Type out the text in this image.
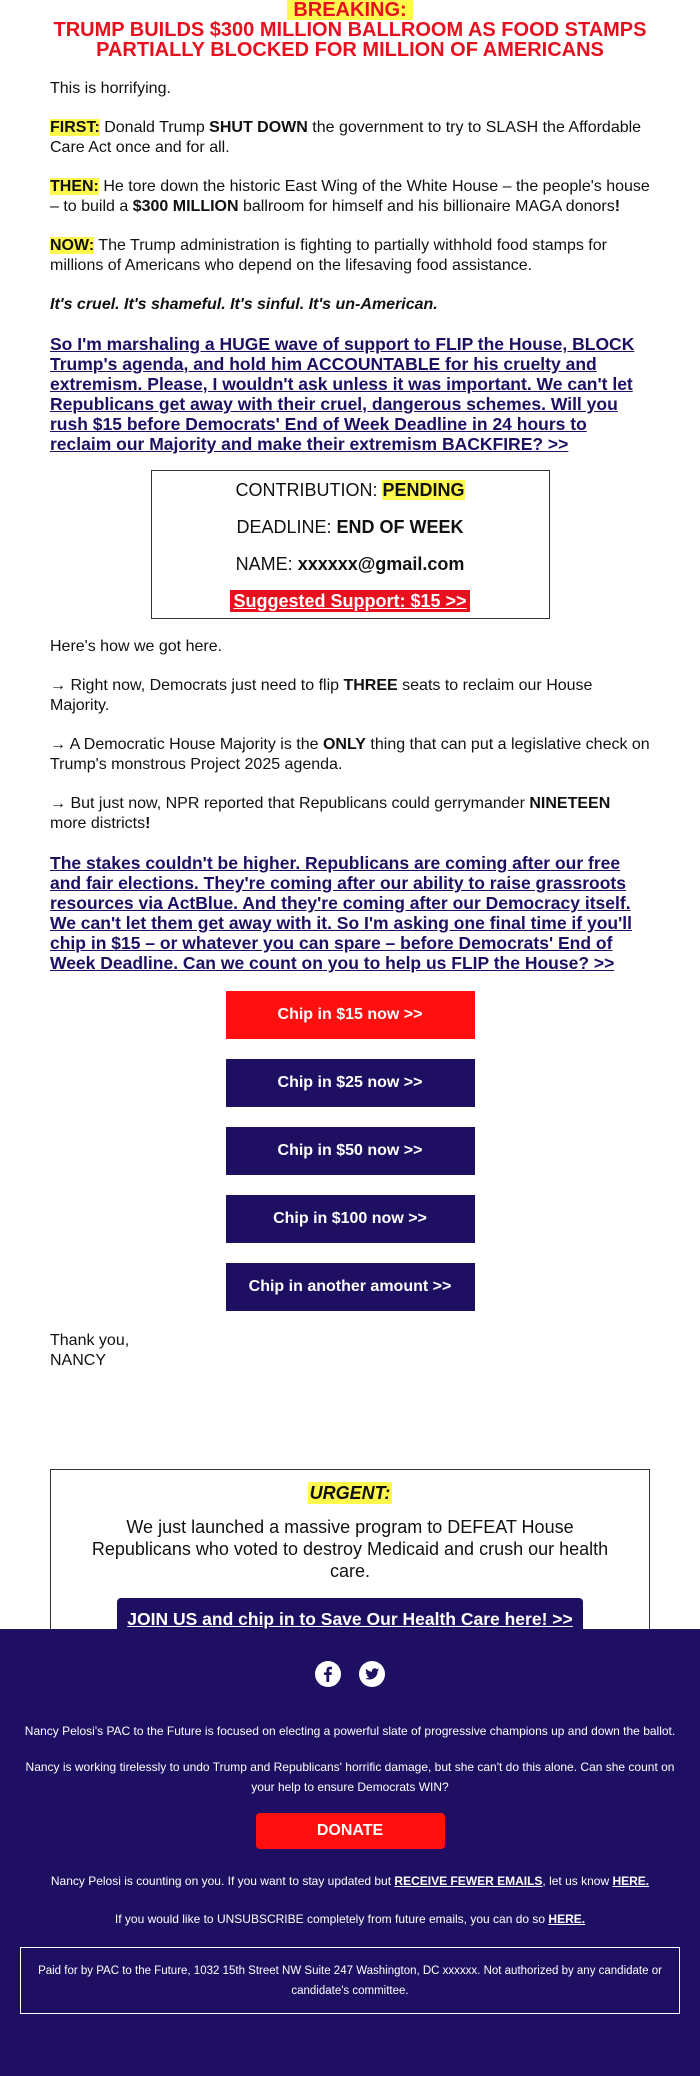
BREAKING:
TRUMP BUILDS $300 MILLION BALLROOM AS FOOD STAMPS
PARTIALLY BLOCKED FOR MILLION OF AMERICANS

This is horrifying.

FIRST: Donald Trump SHUT DOWN the government to try to SLASH the Affordable Care Act once and for all.

THEN: He tore down the historic East Wing of the White House – the people's house – to build a $300 MILLION ballroom for himself and his billionaire MAGA donors!

NOW: The Trump administration is fighting to partially withhold food stamps for millions of Americans who depend on the lifesaving food assistance.

It's cruel. It's shameful. It's sinful. It's un-American.

So I'm marshaling a HUGE wave of support to FLIP the House, BLOCK Trump's agenda, and hold him ACCOUNTABLE for his cruelty and extremism. Please, I wouldn't ask unless it was important. We can't let Republicans get away with their cruel, dangerous schemes. Will you rush $15 before Democrats' End of Week Deadline in 24 hours to reclaim our Majority and make their extremism BACKFIRE? >>
CONTRIBUTION: PENDING
DEADLINE: END OF WEEK
NAME: xxxxxx@gmail.com
Suggested Support: $15 >>

Here's how we got here.

→ Right now, Democrats just need to flip THREE seats to reclaim our House Majority.

→ A Democratic House Majority is the ONLY thing that can put a legislative check on Trump's monstrous Project 2025 agenda.

→ But just now, NPR reported that Republicans could gerrymander NINETEEN more districts!

The stakes couldn't be higher. Republicans are coming after our free and fair elections. They're coming after our ability to raise grassroots resources via ActBlue. And they're coming after our Democracy itself. We can't let them get away with it. So I'm asking one final time if you'll chip in $15 – or whatever you can spare – before Democrats' End of Week Deadline. Can we count on you to help us FLIP the House? >>
Chip in $15 now >>
Chip in $25 now >>
Chip in $50 now >>
Chip in $100 now >>
Chip in another amount >>

Thank you,
NANCY

URGENT:
We just launched a massive program to DEFEAT House Republicans who voted to destroy Medicaid and crush our health care.
JOIN US and chip in to Save Our Health Care here! >>

Nancy Pelosi's PAC to the Future is focused on electing a powerful slate of progressive champions up and down the ballot.

Nancy is working tirelessly to undo Trump and Republicans' horrific damage, but she can't do this alone. Can she count on your help to ensure Democrats WIN?

DONATE

Nancy Pelosi is counting on you. If you want to stay updated but RECEIVE FEWER EMAILS, let us know HERE.

If you would like to UNSUBSCRIBE completely from future emails, you can do so HERE.

Paid for by PAC to the Future, 1032 15th Street NW Suite 247 Washington, DC xxxxxx. Not authorized by any candidate or candidate's committee.
